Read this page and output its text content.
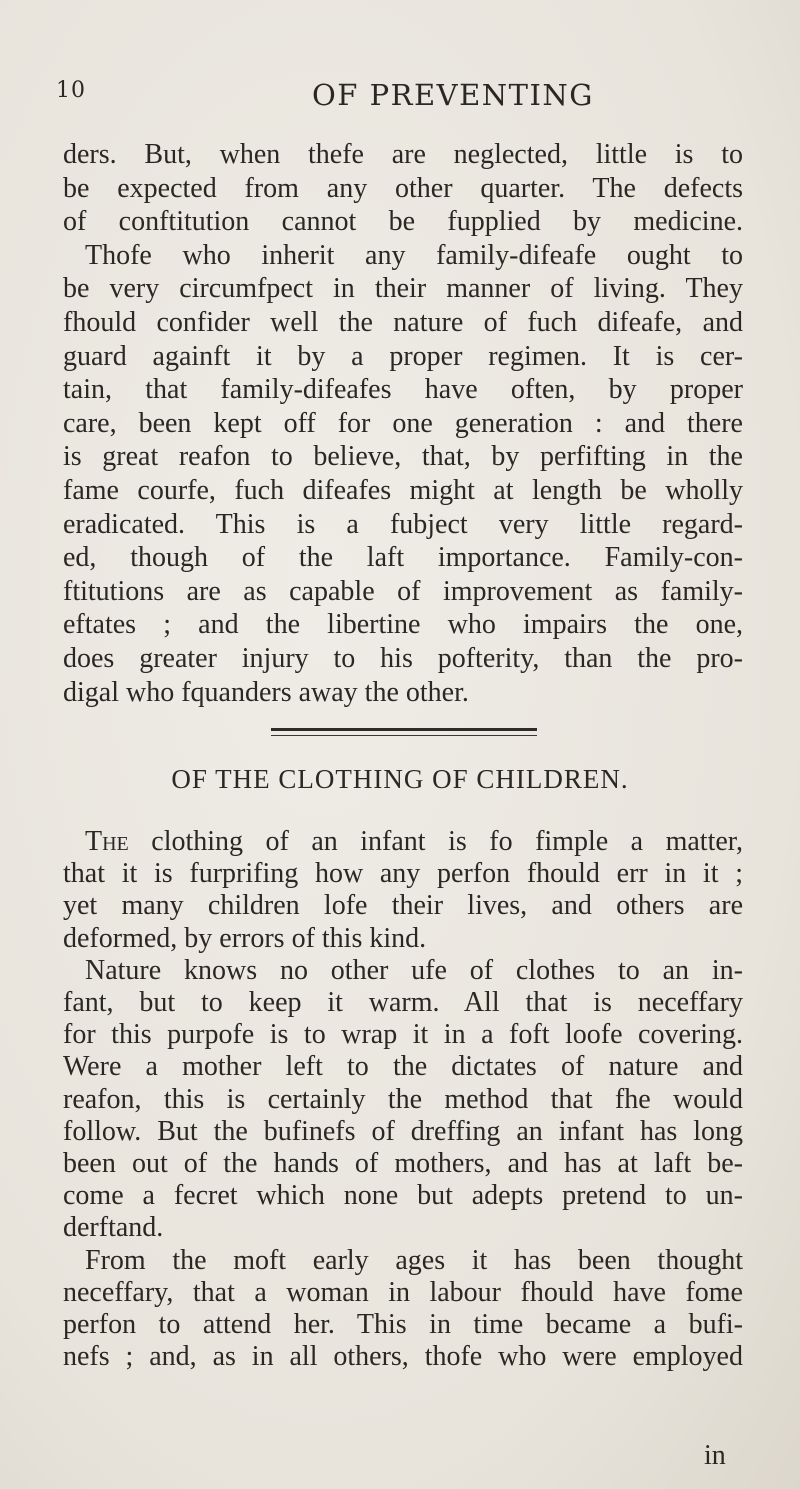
10	OF PREVENTING
ders. But, when thefe are neglected, little is to
be expected from any other quarter. The defects
of conftitution cannot be fupplied by medicine.
Thofe who inherit any family-difeafe ought to
be very circumfpect in their manner of living. They
fhould confider well the nature of fuch difeafe, and
guard againft it by a proper regimen. It is cer-
tain, that family-difeafes have often, by proper
care, been kept off for one generation : and there
is great reafon to believe, that, by perfifting in the
fame courfe, fuch difeafes might at length be wholly
eradicated. This is a fubject very little regard-
ed, though of the laft importance. Family-con-
ftitutions are as capable of improvement as family-
eftates ; and the libertine who impairs the one,
does greater injury to his pofterity, than the pro-
digal who fquanders away the other.
OF THE CLOTHING OF CHILDREN.
The clothing of an infant is fo fimple a matter,
that it is furprifing how any perfon fhould err in it ;
yet many children lofe their lives, and others are
deformed, by errors of this kind.
Nature knows no other ufe of clothes to an in-
fant, but to keep it warm. All that is neceffary
for this purpofe is to wrap it in a foft loofe covering.
Were a mother left to the dictates of nature and
reafon, this is certainly the method that fhe would
follow. But the bufinefs of dreffing an infant has long
been out of the hands of mothers, and has at laft be-
come a fecret which none but adepts pretend to un-
derftand.
From the moft early ages it has been thought
neceffary, that a woman in labour fhould have fome
perfon to attend her. This in time became a bufi-
nefs ; and, as in all others, thofe who were employed
in
